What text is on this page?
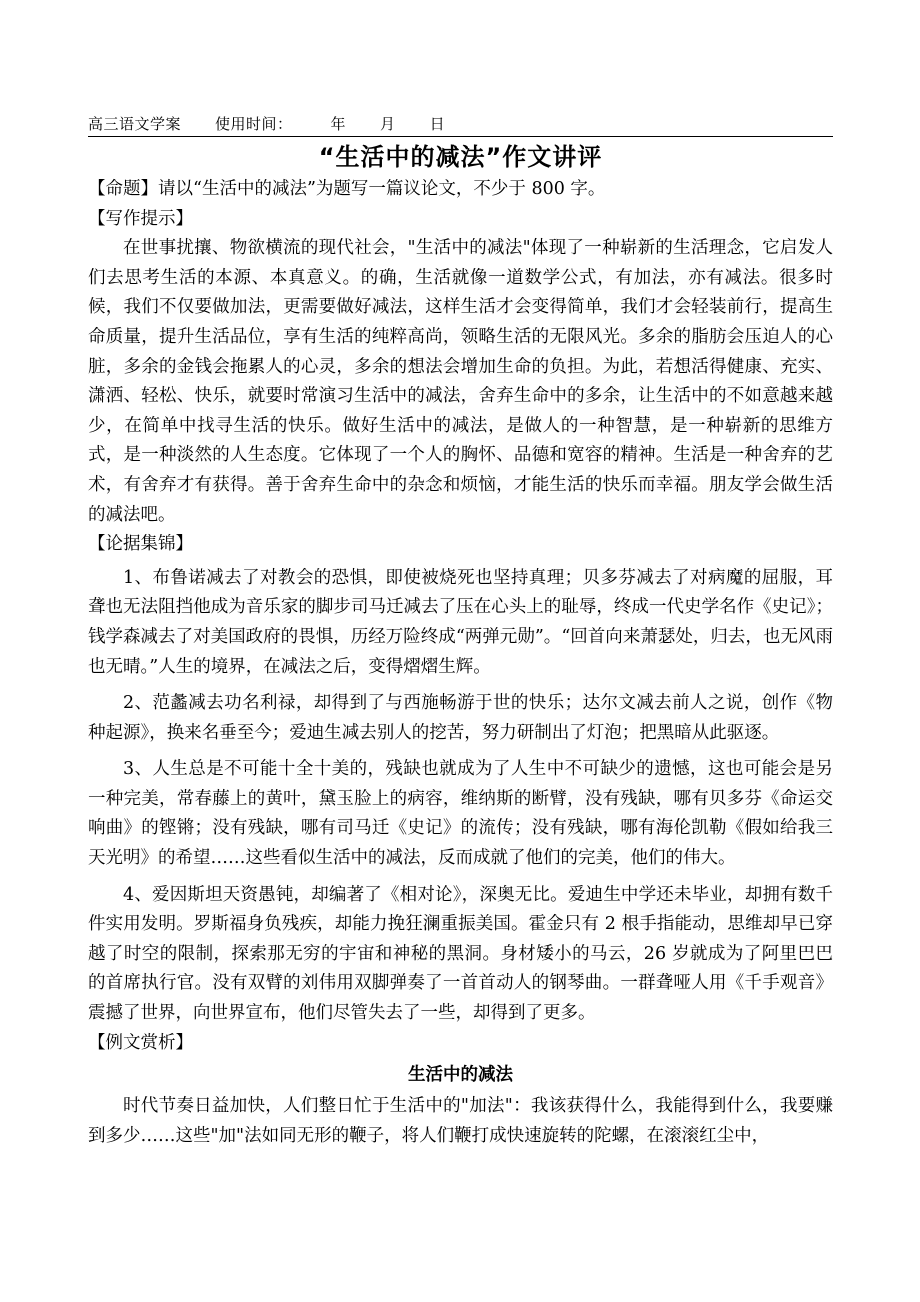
高三语文学案 使用时间：	年 月 日
“生活中的减法”作文讲评

【命题】请以“生活中的减法”为题写一篇议论文，不少于 800 字。

【写作提示】

在世事扰攘、物欲横流的现代社会，"生活中的减法"体现了一种崭新的生活理念，它启发人们去思考生活的本源、本真意义。的确，生活就像一道数学公式，有加法，亦有减法。很多时候，我们不仅要做加法，更需要做好减法，这样生活才会变得简单，我们才会轻装前行，提高生命质量，提升生活品位，享有生活的纯粹高尚，领略生活的无限风光。多余的脂肪会压迫人的心脏，多余的金钱会拖累人的心灵，多余的想法会增加生命的负担。为此，若想活得健康、充实、潇洒、轻松、快乐，就要时常演习生活中的减法，舍弃生命中的多余，让生活中的不如意越来越少，在简单中找寻生活的快乐。做好生活中的减法，是做人的一种智慧，是一种崭新的思维方式，是一种淡然的人生态度。它体现了一个人的胸怀、品德和宽容的精神。生活是一种舍弃的艺术，有舍弃才有获得。善于舍弃生命中的杂念和烦恼，才能生活的快乐而幸福。朋友学会做生活的减法吧。

【论据集锦】

1、布鲁诺减去了对教会的恐惧，即使被烧死也坚持真理；贝多芬减去了对病魔的屈服，耳聋也无法阻挡他成为音乐家的脚步司马迁减去了压在心头上的耻辱，终成一代史学名作《史记》；钱学森减去了对美国政府的畏惧，历经万险终成“两弹元勋”。“回首向来萧瑟处，归去，也无风雨也无晴。”人生的境界，在减法之后，变得熠熠生辉。

2、范蠡减去功名利禄，却得到了与西施畅游于世的快乐；达尔文减去前人之说，创作《物种起源》，换来名垂至今；爱迪生减去别人的挖苦，努力研制出了灯泡；把黑暗从此驱逐。

3、人生总是不可能十全十美的，残缺也就成为了人生中不可缺少的遗憾，这也可能会是另一种完美，常春藤上的黄叶，黛玉脸上的病容，维纳斯的断臂，没有残缺，哪有贝多芬《命运交响曲》的铿锵；没有残缺，哪有司马迁《史记》的流传；没有残缺，哪有海伦凯勒《假如给我三天光明》的希望……这些看似生活中的减法，反而成就了他们的完美，他们的伟大。

4、爱因斯坦天资愚钝，却编著了《相对论》，深奥无比。爱迪生中学还未毕业，却拥有数千件实用发明。罗斯福身负残疾，却能力挽狂澜重振美国。霍金只有 2 根手指能动，思维却早已穿越了时空的限制，探索那无穷的宇宙和神秘的黑洞。身材矮小的马云，26 岁就成为了阿里巴巴的首席执行官。没有双臂的刘伟用双脚弹奏了一首首动人的钢琴曲。一群聋哑人用《千手观音》震撼了世界，向世界宣布，他们尽管失去了一些，却得到了更多。

【例文赏析】

生活中的减法

时代节奏日益加快，人们整日忙于生活中的"加法"：我该获得什么，我能得到什么，我要赚到多少……这些"加"法如同无形的鞭子，将人们鞭打成快速旋转的陀螺，在滚滚红尘中，
